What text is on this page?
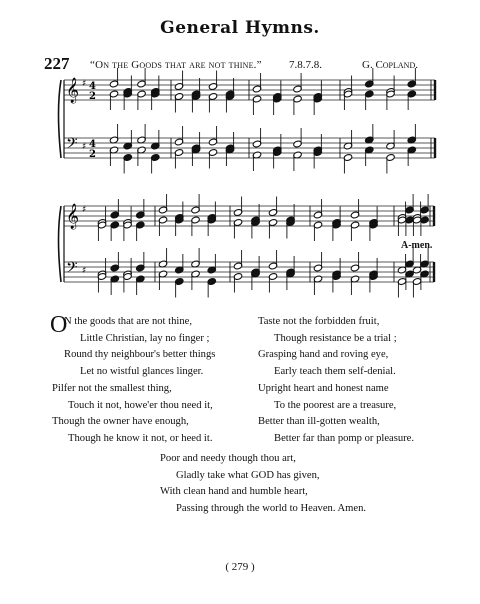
General Hymns.
227 “On the Goods that are not thine.” 7.8.7.8.	G. Copland.
𝄞
𝄢
♯
♯
4
2
4
2
𝄞
𝄢
♯
♯
A-men.
O
N the goods that are not thine,
Little Christian, lay no finger ;
Round thy neighbour's better things
Let no wistful glances linger.
Taste not the forbidden fruit,
Though resistance be a trial ;
Grasping hand and roving eye,
Early teach them self-denial.
Pilfer not the smallest thing,
Touch it not, howe'er thou need it,
Though the owner have enough,
Though he know it not, or heed it.
Upright heart and honest name
To the poorest are a treasure,
Better than ill-gotten wealth,
Better far than pomp or pleasure.
Poor and needy though thou art,
Gladly take what GOD has given,
With clean hand and humble heart,
Passing through the world to Heaven. Amen.
( 279 )
